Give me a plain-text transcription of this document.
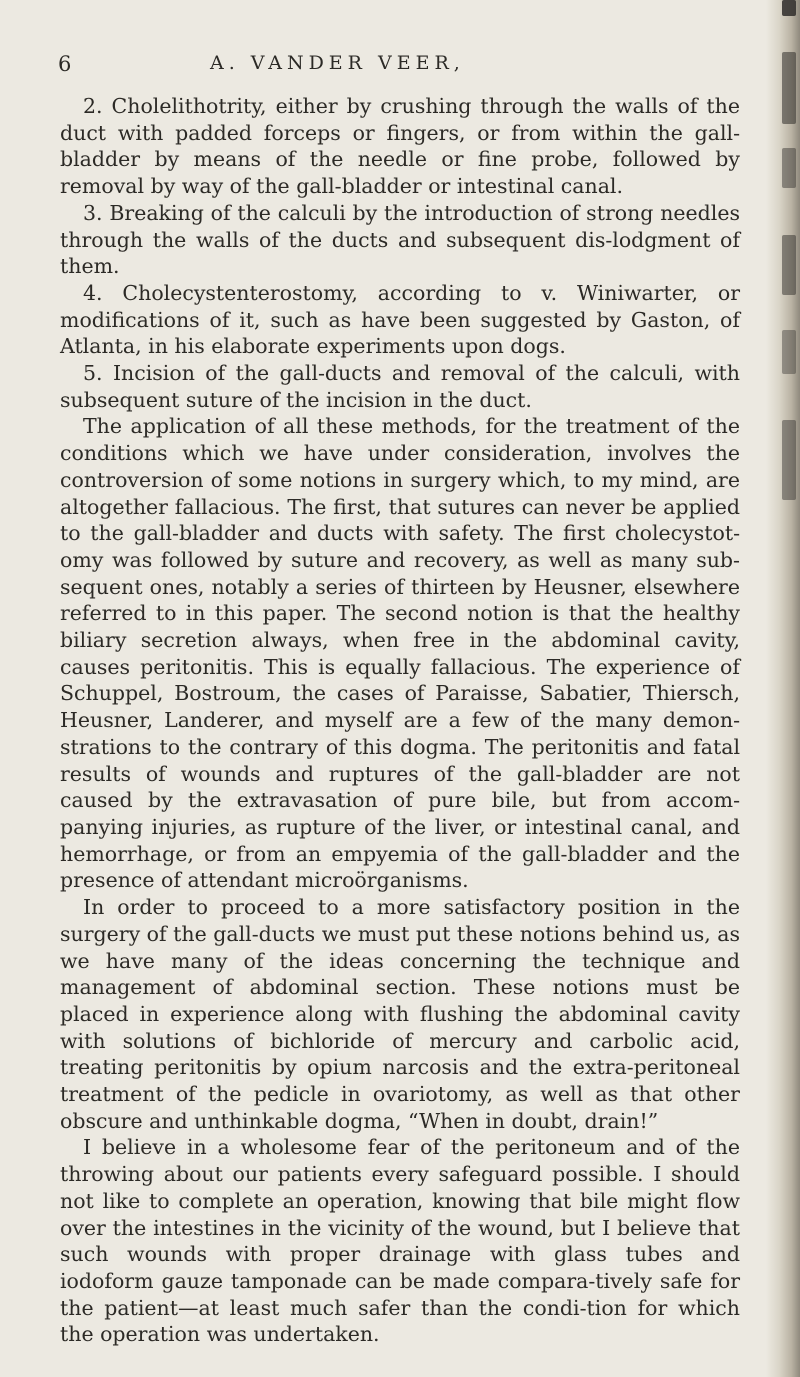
6	A. VANDER VEER,

2. Cholelithotrity, either by crushing through the walls of the duct with padded forceps or fingers, or from within the gall-bladder by means of the needle or fine probe, followed by removal by way of the gall-bladder or intestinal canal.

3. Breaking of the calculi by the introduction of strong needles through the walls of the ducts and subsequent dis-lodgment of them.

4. Cholecystenterostomy, according to v. Winiwarter, or modifications of it, such as have been suggested by Gaston, of Atlanta, in his elaborate experiments upon dogs.

5. Incision of the gall-ducts and removal of the calculi, with subsequent suture of the incision in the duct.

The application of all these methods, for the treatment of the conditions which we have under consideration, involves the controversion of some notions in surgery which, to my mind, are altogether fallacious. The first, that sutures can never be applied to the gall-bladder and ducts with safety. The first cholecystot-omy was followed by suture and recovery, as well as many sub-sequent ones, notably a series of thirteen by Heusner, elsewhere referred to in this paper. The second notion is that the healthy biliary secretion always, when free in the abdominal cavity, causes peritonitis. This is equally fallacious. The experience of Schuppel, Bostroum, the cases of Paraisse, Sabatier, Thiersch, Heusner, Landerer, and myself are a few of the many demon-strations to the contrary of this dogma. The peritonitis and fatal results of wounds and ruptures of the gall-bladder are not caused by the extravasation of pure bile, but from accom-panying injuries, as rupture of the liver, or intestinal canal, and hemorrhage, or from an empyemia of the gall-bladder and the presence of attendant microörganisms.

In order to proceed to a more satisfactory position in the surgery of the gall-ducts we must put these notions behind us, as we have many of the ideas concerning the technique and management of abdominal section. These notions must be placed in experience along with flushing the abdominal cavity with solutions of bichloride of mercury and carbolic acid, treating peritonitis by opium narcosis and the extra-peritoneal treatment of the pedicle in ovariotomy, as well as that other obscure and unthinkable dogma, “When in doubt, drain!”

I believe in a wholesome fear of the peritoneum and of the throwing about our patients every safeguard possible. I should not like to complete an operation, knowing that bile might flow over the intestines in the vicinity of the wound, but I believe that such wounds with proper drainage with glass tubes and iodoform gauze tamponade can be made compara-tively safe for the patient—at least much safer than the condi-tion for which the operation was undertaken.
